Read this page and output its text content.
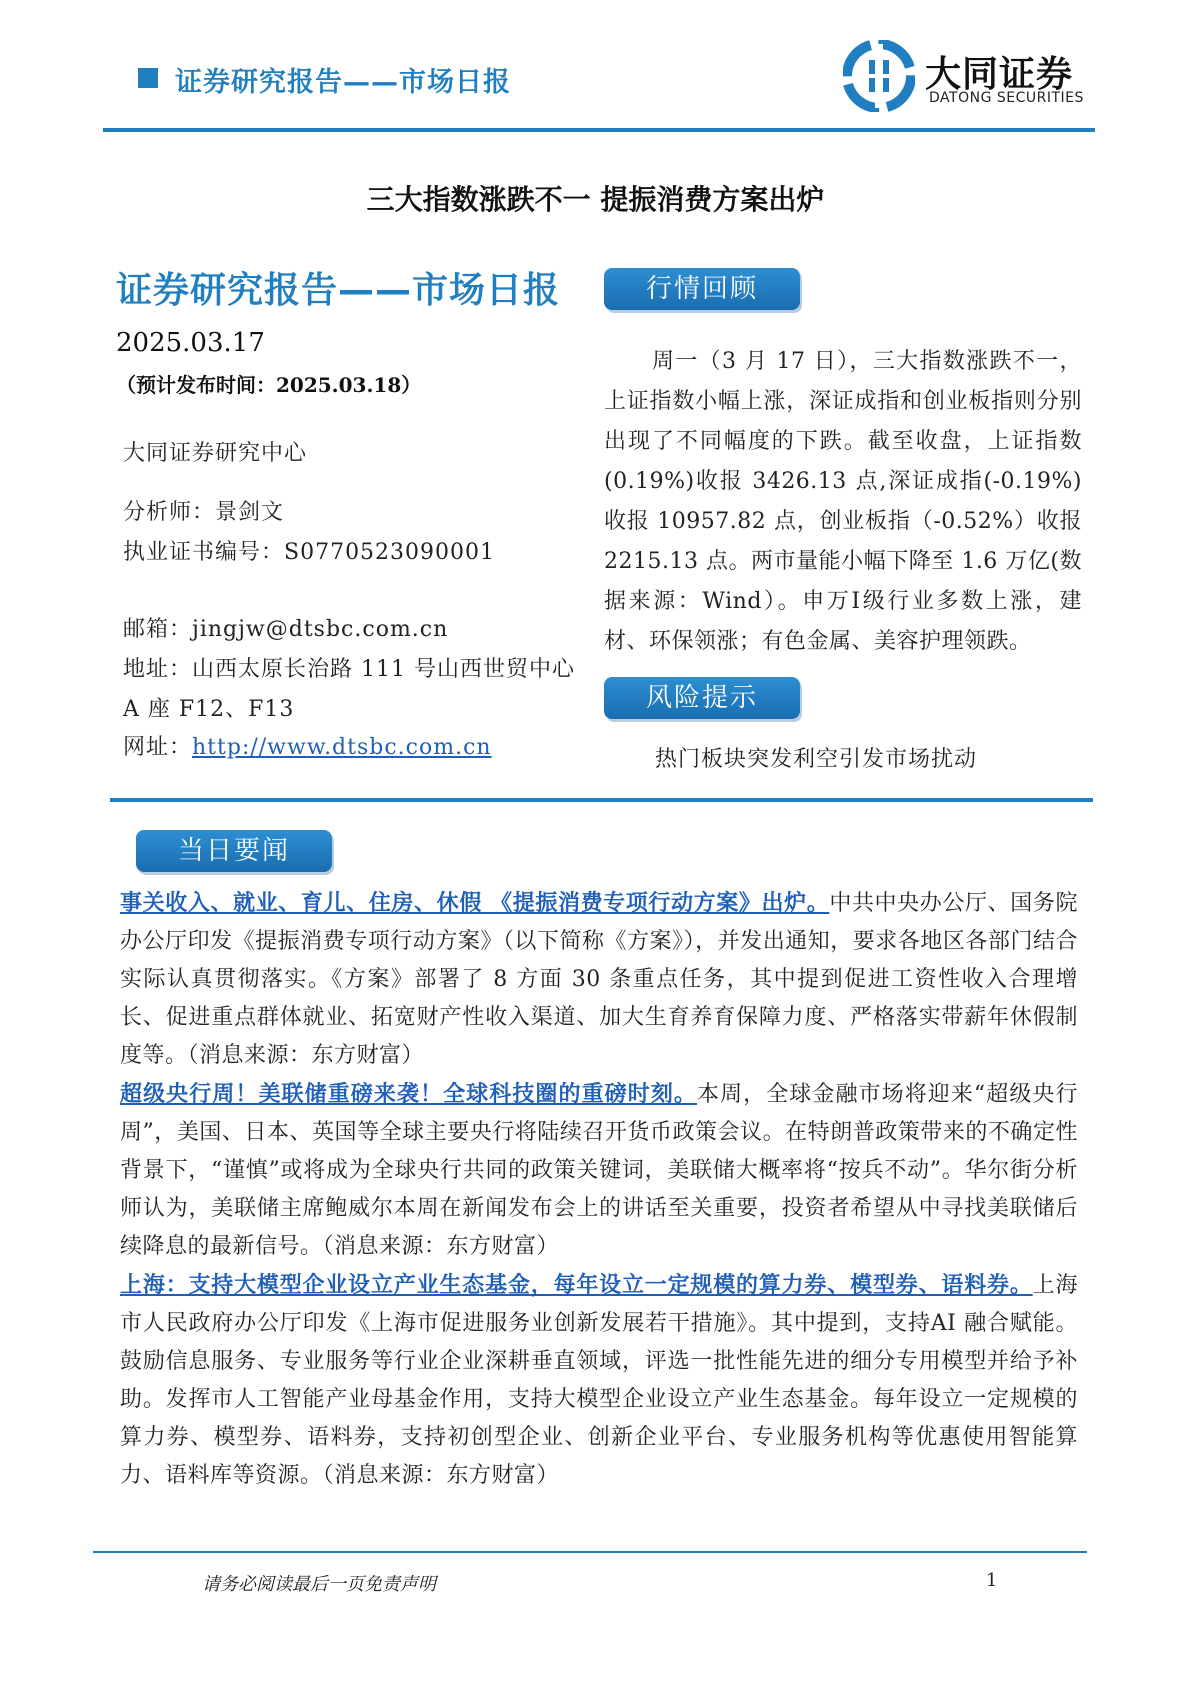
证券研究报告——市场日报	大同证券
DATONG SECURITIES
三大指数涨跌不一 提振消费方案出炉
证券研究报告——市场日报
2025.03.17
（预计发布时间：2025.03.18）
大同证券研究中心
分析师：景剑文
执业证书编号：S0770523090001
邮箱：jingjw@dtsbc.com.cn
地址：山西太原长治路 111 号山西世贸中心
A 座 F12、F13
网址：http://www.dtsbc.com.cn
行情回顾
周一（3 月 17 日），三大指数涨跌不一，上证指数小幅上涨，深证成指和创业板指则分别出现了不同幅度的下跌。截至收盘，上证指数(0.19%)收报 3426.13 点,深证成指(-0.19%)收报 10957.82 点，创业板指（-0.52%）收报 2215.13 点。两市量能小幅下降至 1.6 万亿(数据来源：Wind）。申万Ⅰ级行业多数上涨，建材、环保领涨；有色金属、美容护理领跌。
风险提示
热门板块突发利空引发市场扰动
当日要闻

事关收入、就业、育儿、住房、休假 《提振消费专项行动方案》出炉。中共中央办公厅、国务院办公厅印发《提振消费专项行动方案》（以下简称《方案》），并发出通知，要求各地区各部门结合实际认真贯彻落实。《方案》部署了 8 方面 30 条重点任务，其中提到促进工资性收入合理增长、促进重点群体就业、拓宽财产性收入渠道、加大生育养育保障力度、严格落实带薪年休假制度等。（消息来源：东方财富）

超级央行周！美联储重磅来袭！全球科技圈的重磅时刻。本周，全球金融市场将迎来“超级央行周”，美国、日本、英国等全球主要央行将陆续召开货币政策会议。在特朗普政策带来的不确定性背景下，“谨慎”或将成为全球央行共同的政策关键词，美联储大概率将“按兵不动”。华尔街分析师认为，美联储主席鲍威尔本周在新闻发布会上的讲话至关重要，投资者希望从中寻找美联储后续降息的最新信号。（消息来源：东方财富）

上海：支持大模型企业设立产业生态基金，每年设立一定规模的算力券、模型券、语料券。上海市人民政府办公厅印发《上海市促进服务业创新发展若干措施》。其中提到，支持AI 融合赋能。鼓励信息服务、专业服务等行业企业深耕垂直领域，评选一批性能先进的细分专用模型并给予补助。发挥市人工智能产业母基金作用，支持大模型企业设立产业生态基金。每年设立一定规模的算力券、模型券、语料券，支持初创型企业、创新企业平台、专业服务机构等优惠使用智能算力、语料库等资源。（消息来源：东方财富）

请务必阅读最后一页免责声明	1
